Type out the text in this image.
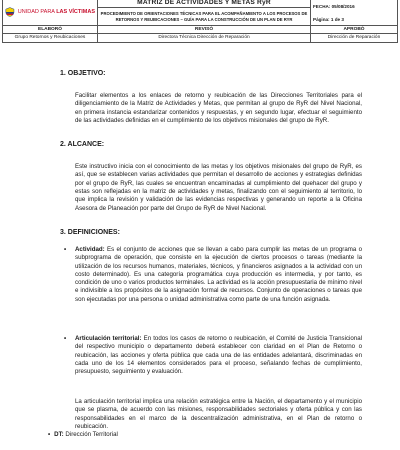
UNIDAD PARA LAS VÍCTIMAS	MATRIZ DE ACTIVIDADES Y METAS RyR	FECHA: 05/08/2016
Página: 1 de 3

	PROCEDIMIENTO DE ORIENTACIONES TÉCNICAS PARA EL ACOMPAÑAMIENTO A LOS PROCESOS DE RETORNOS Y REUBICACIONES – GUÍA PARA LA CONSTRUCCIÓN DE UN PLAN DE RYR	
ELABORÓ	REVISÓ	APROBÓ
Grupo Retornos y Reubicaciones	Directora Técnica Dirección de Reparación	Dirección de Reparación
1. OBJETIVO:

Facilitar elementos a los enlaces de retorno y reubicación de las Direcciones Territoriales para el diligenciamiento de la Matriz de Actividades y Metas, que permitan al grupo de RyR del Nivel Nacional, en primera instancia estandarizar contenidos y respuestas, y en segundo lugar, efectuar el seguimiento de las actividades definidas en el cumplimiento de los objetivos misionales del grupo de RyR.

2. ALCANCE:

Este instructivo inicia con el conocimiento de las metas y los objetivos misionales del grupo de RyR, es así, que se establecen varias actividades que permitan el desarrollo de acciones y estrategias definidas por el grupo de RyR, las cuales se encuentran encaminadas al cumplimiento del quehacer del grupo y estas son reflejadas en la matriz de actividades y metas, finalizando con el seguimiento al territorio, lo que implica la revisión y validación de las evidencias respectivas y generando un reporte a la Oficina Asesora de Planeación por parte del Grupo de RyR de Nivel Nacional.

3. DEFINICIONES:
• Actividad: Es el conjunto de acciones que se llevan a cabo para cumplir las metas de un programa o subprograma de operación, que consiste en la ejecución de ciertos procesos o tareas (mediante la utilización de los recursos humanos, materiales, técnicos, y financieros asignados a la actividad con un costo determinado). Es una categoría programática cuya producción es intermedia, y por tanto, es condición de uno o varios productos terminales. La actividad es la acción presupuestaria de mínimo nivel e indivisible a los propósitos de la asignación formal de recursos. Conjunto de operaciones o tareas que son ejecutadas por una persona o unidad administrativa como parte de una función asignada.
• Articulación territorial: En todos los casos de retorno o reubicación, el Comité de Justicia Transicional del respectivo municipio o departamento deberá establecer con claridad en el Plan de Retorno o reubicación, las acciones y oferta pública que cada una de las entidades adelantará, discriminadas en cada uno de los 14 elementos considerados para el proceso, señalando fechas de cumplimiento, presupuesto, seguimiento y evaluación.

La articulación territorial implica una relación estratégica entre la Nación, el departamento y el municipio que se plasma, de acuerdo con las misiones, responsabilidades sectoriales y oferta pública y con las responsabilidades en el marco de la descentralización administrativa, en el Plan de retorno o reubicación.

• DT: Dirección Territorial
